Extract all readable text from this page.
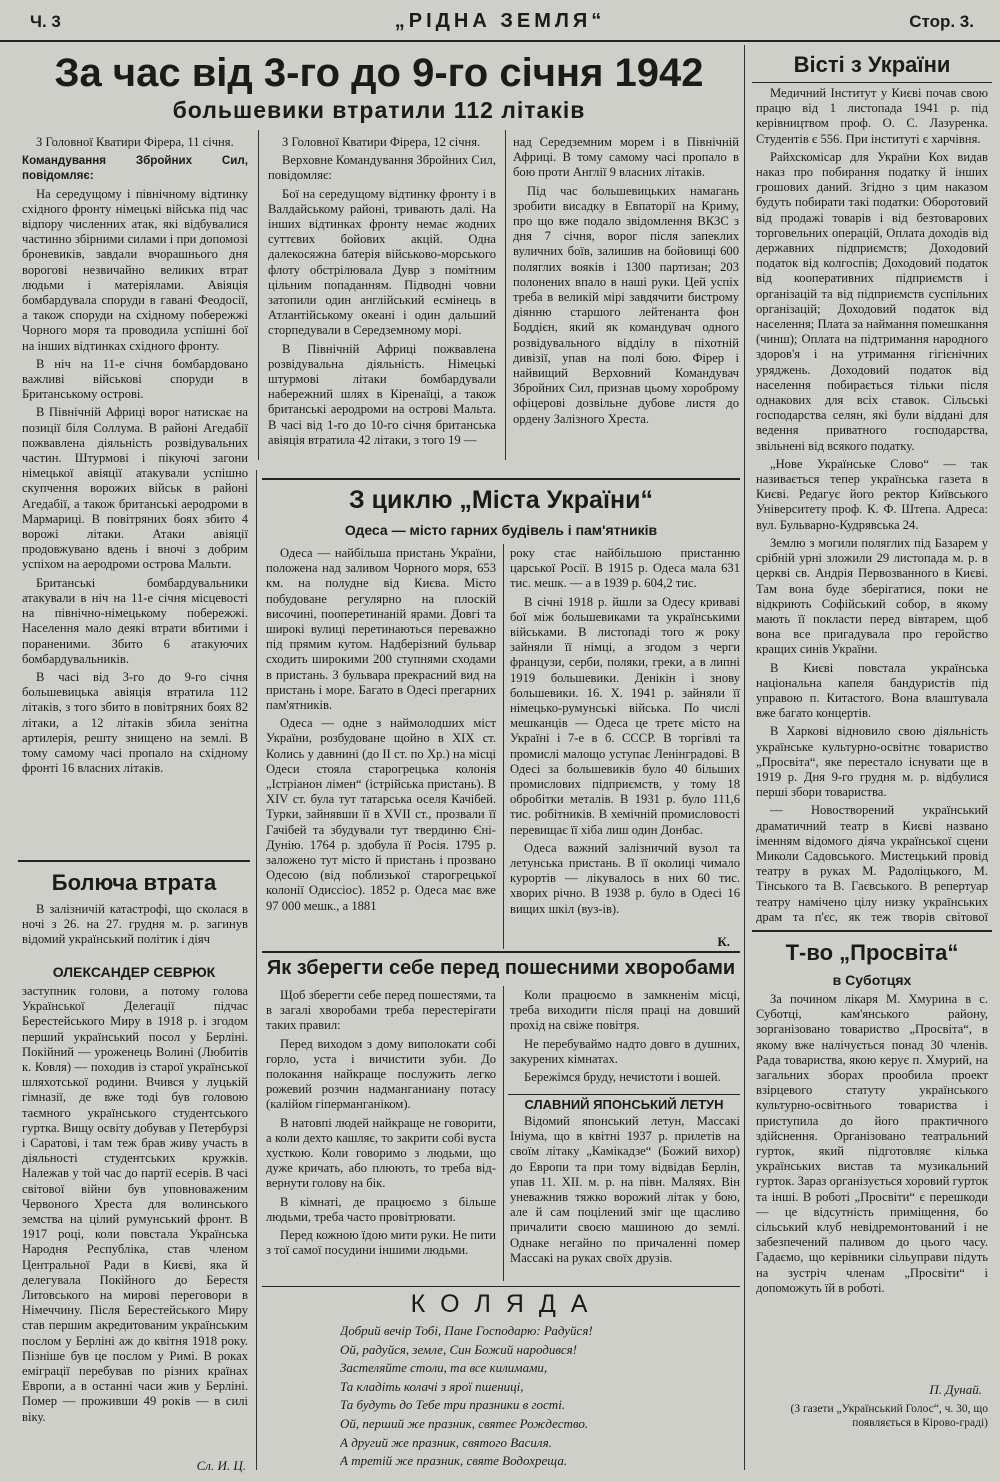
Ч. 3	„РІДНА ЗЕМЛЯ“	Стор. 3.
За час від 3-го до 9-го січня 1942
большевики втратили 112 літаків

З Головної Кватири Фірера, 11 січня.

Командування Збройних Сил, повідомляє:

На середущому і північному відтинку східного фронту німецькі війська під час відпору численних атак, які відбувалися частинно збірними силами і при допомозі броневиків, завдали вчорашнього дня ворогові незвичайно великих втрат людьми і матеріялами. Авіяція бомбардувала споруди в гавані Феодосії, а також споруди на східному побережжі Чорного моря та проводила успішні бої на інших відтинках східного фронту.

В ніч на 11-е січня бомбардовано важливі військові споруди в Британському острові.

В Північній Африці ворог натискає на позиції біля Соллума. В районі Агедабії пожвавлена діяльність розвідувальних частин. Штурмові і пікуючі загони німецької авіяції атакували успішно скупчення ворожих військ в районі Агедабії, а також британські аеродроми в Мармариці. В повітряних боях збито 4 ворожі літаки. Атаки авіяції продовжувано вдень і вночі з добрим успіхом на аеродроми острова Мальти.

Британські бомбардувальники атакували в ніч на 11-е січня місцевості на північно-німецькому побережжі. Населення мало деякі втрати вбитими і пораненими. Збито 6 атакуючих бомбардувальників.

В часі від 3-го до 9-го січня большевицька авіяція втратила 112 літаків, з того збито в повітряних боях 82 літаки, а 12 літаків збила зенітна артилерія, решту знищено на землі. В тому самому часі пропало на східному фронті 16 власних літаків.

З Головної Кватири Фірера, 12 січня.

Верховне Командування Збройних Сил, повідомляє:

Бої на середущому відтинку фронту і в Валдайському районі, тривають далі. На інших відтинках фронту немає жодних суттєвих бойових акцій. Одна далекосяжна батерія військово-морського флоту обстрілювала Дувр з помітним цільним попаданням. Підводні човни затопили один англійський есмінець в Атлантійському океані і один дальший сторпедували в Середземному морі.

В Північній Африці пожвавлена розвідувальна діяльність. Німецькі штурмові літаки бомбардували набережний шлях в Кіренаїці, а також британські аеродроми на острові Мальта. В часі від 1-го до 10-го січня британська авіяція втратила 42 літаки, з того 19 —

над Середземним морем і в Північній Африці. В тому самому часі пропало в бою проти Англії 9 власних літаків.

Під час большевицьких намагань зробити висадку в Евпаторії на Криму, про що вже подало звідомлення ВКЗС з дня 7 січня, ворог після запеклих вуличних боїв, залишив на бойовищі 600 поляглих вояків і 1300 партизан; 203 полонених впало в наші руки. Цей успіх треба в великій мірі завдячити бистрому діянню старшого лейтенанта фон Боддієн, який як командувач одного розвідувального відділу в піхотній дивізії, упав на полі бою. Фірер і найвищий Верховний Командувач Збройних Сил, признав цьому хороброму офіцерові дозвільне дубове листя до ордену Залізного Хреста.

З циклю „Міста України“
Одеса — місто гарних будівель і пам'ятників

Одеса — найбільша пристань України, положена над заливом Чорного моря, 653 км. на полудне від Києва. Місто побудоване регулярно на плоскій височині, пооперетинаній ярами. Довгі та широкі вулиці перетинаються переважно під прямим кутом. Надберізний бульвар сходить широкими 200 ступнями сходами в пристань. З бульвара прекрасний вид на пристань і море. Багато в Одесі прегарних пам'ятників.

Одеса — одне з наймолодших міст України, розбудоване щойно в XIX ст. Колись у давнині (до II ст. по Хр.) на місці Одеси стояла старогрецька колонія „Істріанон лімен“ (істрійська пристань). В XIV ст. була тут татарська оселя Качібей. Турки, зайнявши її в XVII ст., прозвали її Гачібей та збудували тут твердиню Єні-Дунію. 1764 р. здобула її Росія. 1795 р. заложено тут місто й пристань і прозвано Одесою (від поблизької старогрецької колонії Одиссіос). 1852 р. Одеса має вже 97 000 мешк., а 1881

року стає найбільшою пристанню царської Росії. В 1915 р. Одеса мала 631 тис. мешк. — а в 1939 р. 604,2 тис.

В січні 1918 р. йшли за Одесу криваві бої між большевиками та українськими військами. В листопаді того ж року зайняли її німці, а згодом з черги французи, серби, поляки, греки, а в липні 1919 большевики. Денікін і знову большевики. 16. X. 1941 р. зайняли її німецько-румунські війська. По числі мешканців — Одеса це третє місто на Україні і 7-е в б. СССР. В торгівлі та промислі малощо уступає Ленінградові. В Одесі за большевиків було 40 більших промислових підприємств, у тому 18 обробітки металів. В 1931 р. було 111,6 тис. робітників. В хемічній промисловості перевищає її хіба лиш один Донбас.

Одеса важний залізничий вузол та летунська пристань. В її околиці чимало курортів — лікувалось в них 60 тис. хворих річно. В 1938 р. було в Одесі 16 вищих шкіл (вуз-ів).

К.
Як зберегти себе перед пошесними хворобами

Щоб зберегти себе перед пошестями, та в загалі хворобами треба перестерігати таких правил:

Перед виходом з дому виполокати собі горло, уста і вичистити зуби. До полокання найкраще послужить легко рожевий розчин надманганиану потасу (калійом гіперманганіком).

В натовпі людей найкраще не говорити, а коли дехто кашляє, то закрити собі вуста хусткою. Коли говоримо з людьми, що дуже кричать, або плюють, то треба від-вернути голову на бік.

В кімнаті, де працюємо з більше людьми, треба часто провітрювати.

Перед кожною їдою мити руки. Не пити з тої самої посудини іншими людьми.

Коли працюємо в замкненім місці, треба виходити після праці на довший прохід на свіже повітря.

Не перебуваймо надто довго в душних, закурених кімнатах.

Бережімся бруду, нечистоти і вошей.

СЛАВНИЙ ЯПОНСЬКИЙ ЛЕТУН

Відомий японський летун, Массакі Ініума, що в квітні 1937 р. прилетів на своїм літаку „Камікадзе“ (Божий вихор) до Европи та при тому відвідав Берлін, упав 11. XII. м. р. на півн. Маляях. Він уневажнив тяжко ворожий літак у бою, але й сам поцілений зміг ще щасливо причалити своєю машиною до землі. Однаке негайно по причаленні помер Массакі на руках своїх друзів.

К О Л Я Д А
Добрий вечір Тобі, Пане Господарю: Радуйся!
Ой, радуйся, земле, Син Божий народився!
Застеляйте столи, та все килимами,
Та кладіть колачі з ярої пшениці,
Та будуть до Тебе три празники в гості.
Ой, перший же празник, святеє Рождество.
А другий же празник, святого Василя.
А третій же празник, святе Водохреща.
Болюча втрата

В залізничій катастрофі, що сколася в ночі з 26. на 27. грудня м. р. загинув відомий український політик і діяч

ОЛЕКСАНДЕР СЕВРЮК

заступник голови, а потому голова Української Делегації підчас Берестейського Миру в 1918 р. і згодом перший український посол у Берліні. Покійний — уроженець Волині (Любитів к. Ковля) — походив із старої української шляхотської родини. Вчився у луцькій гімназії, де вже тоді був головою таємного українського студентського гуртка. Вищу освіту добував у Петербурзі і Саратові, і там теж брав живу участь в діяльності студентських кружків. Належав у той час до партії есерів. В часі світової війни був уповноваженим Червоного Хреста для волинського земства на цілий румунський фронт. В 1917 році, коли повстала Українська Народня Республіка, став членом Центральної Ради в Києві, яка й делегувала Покійного до Берестя Литовського на мирові переговори в Німеччину. Після Берестейського Миру став першим акредитованим українським послом у Берліні аж до квітня 1918 року. Пізніше був це послом у Римі. В роках еміграції перебував по різних країнах Европи, а в останні часи жив у Берліні. Помер — проживши 49 років — в силі віку.

Сл. И. Ц.
Вісті з України

Медичний Інститут у Києві почав свою працю від 1 листопада 1941 р. під керівництвом проф. О. С. Лазуренка. Студентів є 556. При інституті є харчівня.

Райхскомісар для України Кох видав наказ про побирання податку й інших грошових даний. Згідно з цим наказом будуть побирати такі податки: Оборотовий від продажі товарів і від безтоварових торговельних операцій, Оплата доходів від державних підприємств; Доходовий податок від колгоспів; Доходовий податок від кооперативних підприємств і організацій та від підприємств суспільних організацій; Доходовий податок від населення; Плата за наймання помешкання (чинш); Оплата на підтримання народного здоров'я і на утримання гігієнічних уряджень. Доходовий податок від населення побирається тільки після однакових для всіх ставок. Сільські господарства селян, які були віддані для ведення приватного господарства, звільнені від всякого податку.

„Нове Українське Слово“ — так називається тепер українська газета в Києві. Редагує його ректор Київського Університету проф. К. Ф. Штепа. Адреса: вул. Бульварно-Кудрявська 24.

Землю з могили поляглих під Базарем у срібній урні зложили 29 листопада м. р. в церкві св. Андрія Первозванного в Києві. Там вона буде зберігатися, поки не відкриють Софійський собор, в якому мають її покласти перед вівтарем, щоб вона все пригадувала про геройство кращих синів України.

В Києві повстала українська національна капеля бандуристів під управою п. Китастого. Вона влаштувала вже багато концертів.

В Харкові відновило свою діяльність українське культурно-освітнє товариство „Просвіта“, яке перестало існувати ще в 1919 р. Дня 9-го грудня м. р. відбулися перші збори товариства.

— Новостворений український драматичний театр в Києві названо іменням відомого діяча української сцени Миколи Садовського. Мистецький провід театру в руках М. Радоліцького, М. Тінського та В. Гаєвського. В репертуар театру намічено цілу низку українських драм та п'єс, як теж творів світової

Т-во „Просвіта“
в Суботцях

За почином лікаря М. Хмурина в с. Суботці, кам'янського району, зорганізовано товариство „Просвіта“, в якому вже налічується понад 30 членів. Рада товариства, якою керує п. Хмурий, на загальних зборах прообила проект взірцевого статуту українського культурно-освітнього товариства і приступила до його практичного здійснення. Організовано театральний гурток, який підготовляє кілька українських вистав та музикальний гурток. Зараз організується хоровий гурток та інші. В роботі „Просвіти“ є перешкоди — це відсутність приміщення, бо сільський клуб невідремонтований і не забезпечений паливом до цього часу. Гадаємо, що керівники сільуправи підуть на зустріч членам „Просвіти“ і допоможуть їй в роботі.

П. Дунай.
(З газети „Український Голос“, ч. 30, що появляється в Кірово-граді)
